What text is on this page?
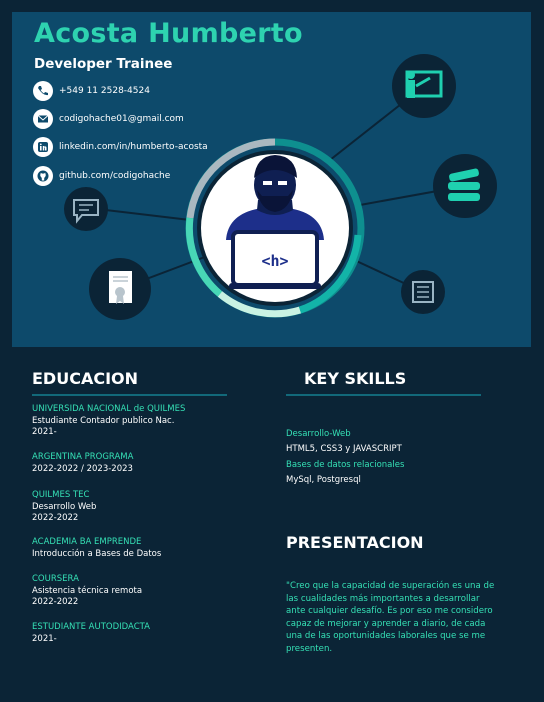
<h>
Acosta Humberto
Developer Trainee
+549 11 2528-4524
codigohache01@gmail.com
linkedin.com/in/humberto-acosta
github.com/codigohache
EDUCACION
UNIVERSIDA NACIONAL de QUILMES
Estudiante Contador publico Nac.
2021-
ARGENTINA PROGRAMA
2022-2022 / 2023-2023
QUILMES TEC
Desarrollo Web
2022-2022
ACADEMIA BA EMPRENDE
Introducción a Bases de Datos
COURSERA
Asistencia técnica remota
2022-2022
ESTUDIANTE AUTODIDACTA
2021-
KEY SKILLS
Desarrollo-Web
HTML5, CSS3 y JAVASCRIPT
Bases de datos relacionales
MySql, Postgresql
PRESENTACION
"Creo que la capacidad de superación es una de las cualidades más importantes a desarrollar ante cualquier desafío. Es por eso me considero capaz de mejorar y aprender a diario, de cada una de las oportunidades laborales que se me presenten.
